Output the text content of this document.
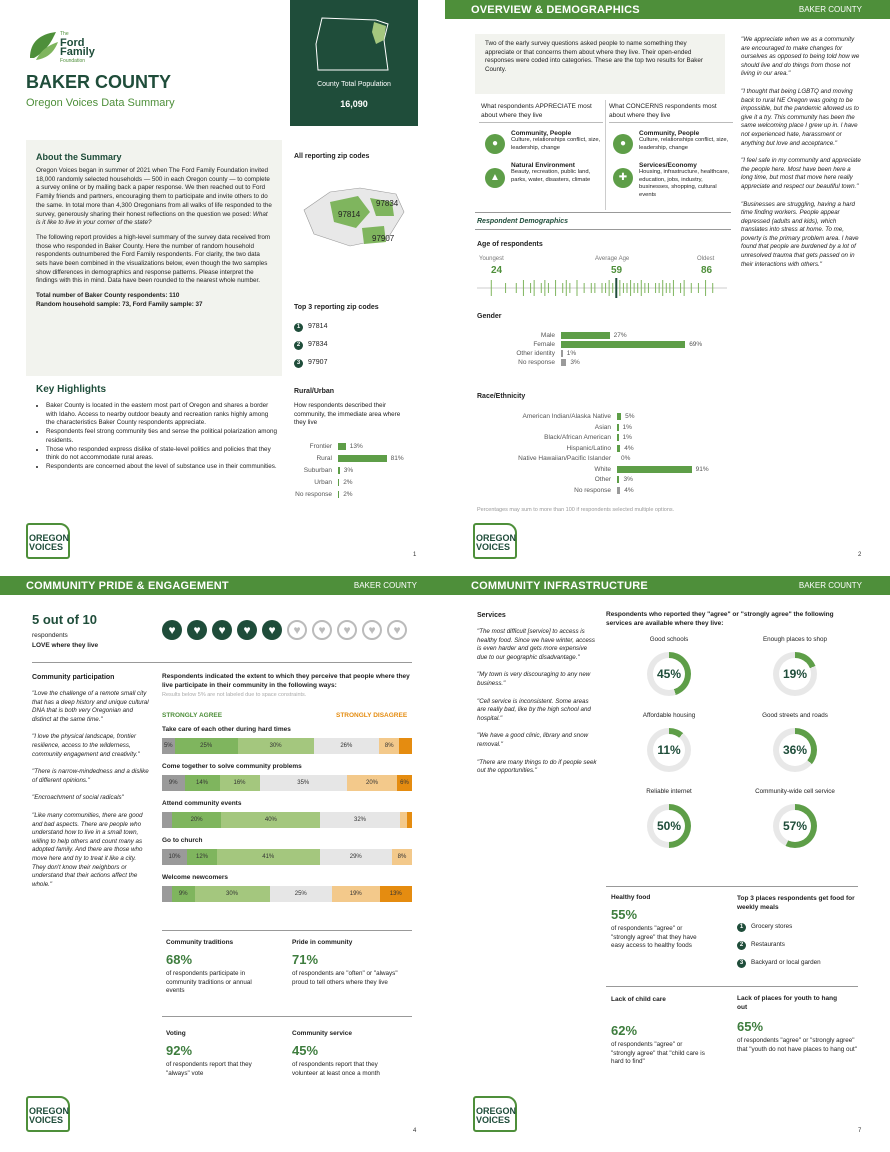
The
Ford
Family
Foundation
BAKER COUNTY
Oregon Voices Data Summary
County Total Population
16,090
About the Summary

Oregon Voices began in summer of 2021 when The Ford Family Foundation invited 18,000 randomly selected households — 500 in each Oregon county — to complete a survey online or by mailing back a paper response. We then reached out to Ford Family friends and partners, encouraging them to participate and invite others to do the same. In total more than 4,300 Oregonians from all walks of life responded to the survey, generously sharing their honest reflections on the question we posed: What is it like to live in your corner of the state?

The following report provides a high-level summary of the survey data received from those who responded in Baker County. Here the number of random household respondents outnumbered the Ford Family respondents. For clarity, the two data sets have been combined in the visualizations below, even though the two samples show differences in demographics and response patterns. Please interpret the findings with this in mind. Data have been rounded to the nearest whole number.

Total number of Baker County respondents: 110

Random household sample: 73, Ford Family sample: 37

All reporting zip codes
97834
97814
97907
Top 3 reporting zip codes
1 97814
2 97834
3 97907
Key Highlights
• Baker County is located in the eastern most part of Oregon and shares a border with Idaho. Access to nearby outdoor beauty and recreation ranks highly among the characteristics Baker County respondents appreciate.
• Respondents feel strong community ties and sense the political polarization among residents.
• Those who responded express dislike of state-level politics and policies that they think do not accommodate rural areas.
• Respondents are concerned about the level of substance use in their communities.
Rural/Urban
How respondents described their community, the immediate area where they live
Frontier	13%
Rural	81%
Suburban 3%
Urban 2%
No response 2%
OREGON
VOICES
1
OVERVIEW & DEMOGRAPHICS	BAKER COUNTY
Two of the early survey questions asked people to name something they appreciate or that concerns them about where they live. Their open-ended responses were coded into categories. These are the top two results for Baker County.
What respondents APPRECIATE most about where they live
What CONCERNS respondents most about where they live
●
Community, People
Culture, relationships conflict, size, leadership, change
▲
Natural Environment
Beauty, recreation, public land, parks, water, disasters, climate
●
Community, People
Culture, relationships conflict, size, leadership, change
✚
Services/Economy
Housing, infrastructure, healthcare, education, jobs, industry, businesses, shopping, cultural events
Respondent Demographics
Age of respondents
Youngest	Average Age	Oldest
24	59	86
Gender
Male	27%
Female	69%
Other identity 1%
No response 3%
Race/Ethnicity
American Indian/Alaska Native 5%
Asian 1%
Black/African American 1%
Hispanic/Latino 4%
Native Hawaiian/Pacific Islander 0%
White	91%
Other 3%
No response 4%
Percentages may sum to more than 100 if respondents selected multiple options.

"We appreciate when we as a community are encouraged to make changes for ourselves as opposed to being told how we should live and do things from those not living in our area."

"I thought that being LGBTQ and moving back to rural NE Oregon was going to be impossible, but the pandemic allowed us to give it a try. This community has been the same welcoming place I grew up in. I have not experienced hate, harassment or anything but love and acceptance."

"I feel safe in my community and appreciate the people here. Most have been here a long time, but most that move here really appreciate and respect our beautiful town."

"Businesses are struggling, having a hard time finding workers. People appear depressed (adults and kids), which translates into stress at home. To me, poverty is the primary problem area. I have found that people are burdened by a lot of unresolved trauma that gets passed on in their interactions with others."

OREGON
VOICES
2
COMMUNITY PRIDE & ENGAGEMENT	BAKER COUNTY
5 out of 10
respondents
LOVE where they live
♥	♥	♥	♥	♥	♥	♥	♥	♥	♥
Community participation

"Love the challenge of a remote small city that has a deep history and unique cultural DNA that is both very Oregonian and distinct at the same time."

"I love the physical landscape, frontier resilience, access to the wilderness, community engagement and creativity."

"There is narrow-mindedness and a dislike of different opinions."

"Encroachment of social radicals"

"Like many communities, there are good and bad aspects. There are people who understand how to live in a small town, willing to help others and count many as adopted family. And there are those who move here and try to treat it like a city. They don't know their neighbors or understand that their actions affect the whole."

Respondents indicated the extent to which they perceive that people where they live participate in their community in the following ways:
Results below 5% are not labeled due to space constraints.
STRONGLY AGREE	STRONGLY DISAGREE
Take care of each other during hard times
5%	25%	30%	26%	8%
Come together to solve community problems
9%	14%	16%	35%	20%	6%
Attend community events
20%	40%	32%
Go to church
10%	12%	41%	29%	8%
Welcome newcomers
9%	30%	25%	19%	13%
Community traditions
68%
of respondents participate in community traditions or annual events
Pride in community
71%
of respondents are "often" or "always" proud to tell others where they live
Voting
92%
of respondents report that they "always" vote
Community service
45%
of respondents report that they volunteer at least once a month
OREGON
VOICES
4
COMMUNITY INFRASTRUCTURE	BAKER COUNTY
Services

"The most difficult [service] to access is healthy food. Since we have winter, access is even harder and gets more expensive due to our geographic disadvantage."

"My town is very discouraging to any new business."

"Cell service is inconsistent. Some areas are really bad, like by the high school and hospital."

"We have a good clinic, library and snow removal."

"There are many things to do if people seek out the opportunities."

Respondents who reported they "agree" or "strongly agree" the following services are available where they live:
Good schools
45%
Enough places to shop
19%
Affordable housing
11%
Good streets and roads
36%
Reliable internet
50%
Community-wide cell service
57%
Healthy food
55%
of respondents "agree" or "strongly agree" that they have easy access to healthy foods
Top 3 places respondents get food for weekly meals
1 Grocery stores
2 Restaurants
3 Backyard or local garden
Lack of child care
62%
of respondents "agree" or "strongly agree" that "child care is hard to find"
Lack of places for youth to hang out
65%
of respondents "agree" or "strongly agree" that "youth do not have places to hang out"
OREGON
VOICES
7
